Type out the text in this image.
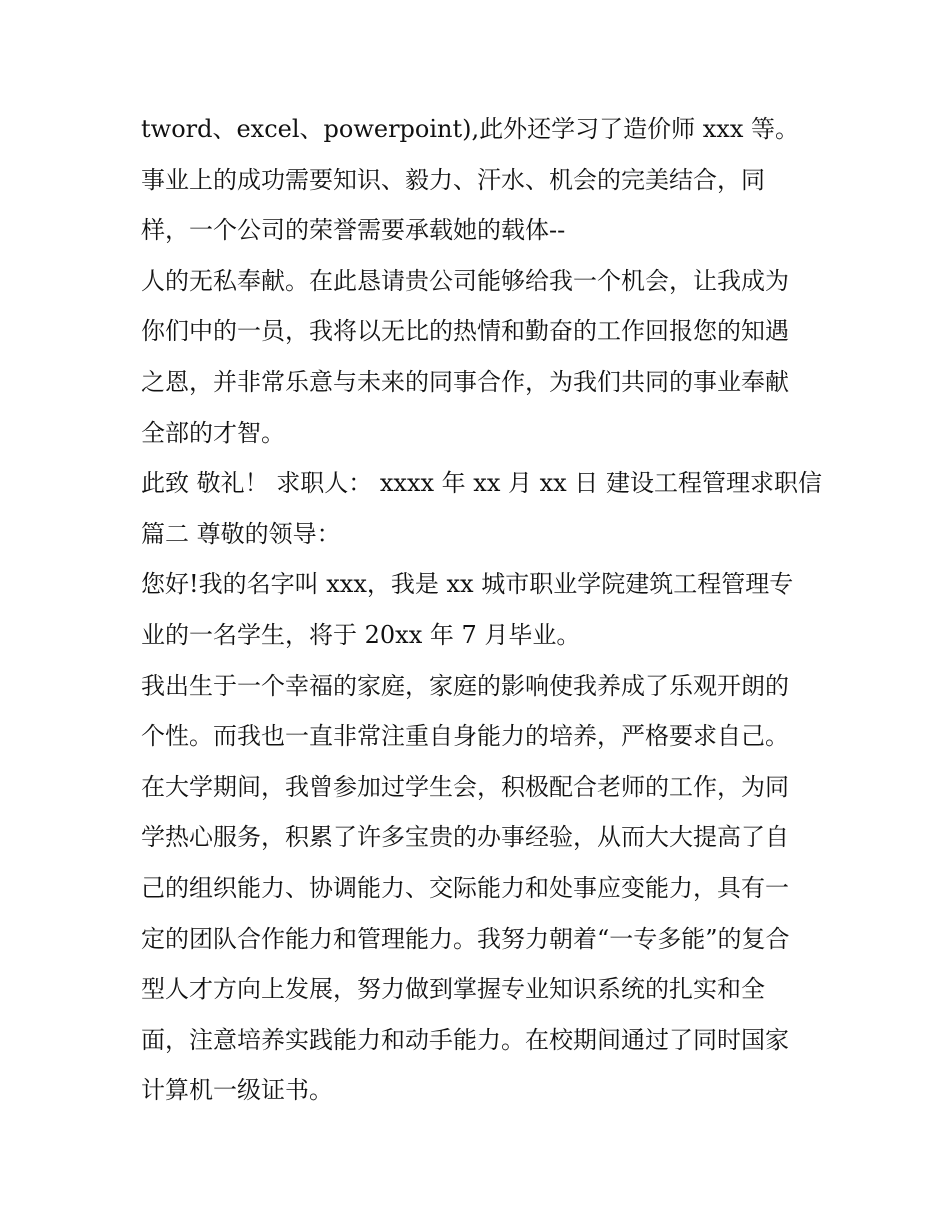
tword、excel、powerpoint),此外还学习了造价师 xxx 等。
事业上的成功需要知识、毅力、汗水、机会的完美结合，同
样，一个公司的荣誉需要承载她的载体--
人的无私奉献。在此恳请贵公司能够给我一个机会，让我成为
你们中的一员，我将以无比的热情和勤奋的工作回报您的知遇
之恩，并非常乐意与未来的同事合作，为我们共同的事业奉献
全部的才智。
此致 敬礼！ 求职人： xxxx 年 xx 月 xx 日 建设工程管理求职信
篇二 尊敬的领导：
您好!我的名字叫 xxx，我是 xx 城市职业学院建筑工程管理专
业的一名学生，将于 20xx 年 7 月毕业。
我出生于一个幸福的家庭，家庭的影响使我养成了乐观开朗的
个性。而我也一直非常注重自身能力的培养，严格要求自己。
在大学期间，我曾参加过学生会，积极配合老师的工作，为同
学热心服务，积累了许多宝贵的办事经验，从而大大提高了自
己的组织能力、协调能力、交际能力和处事应变能力，具有一
定的团队合作能力和管理能力。我努力朝着“一专多能”的复合
型人才方向上发展，努力做到掌握专业知识系统的扎实和全
面，注意培养实践能力和动手能力。在校期间通过了同时国家
计算机一级证书。
